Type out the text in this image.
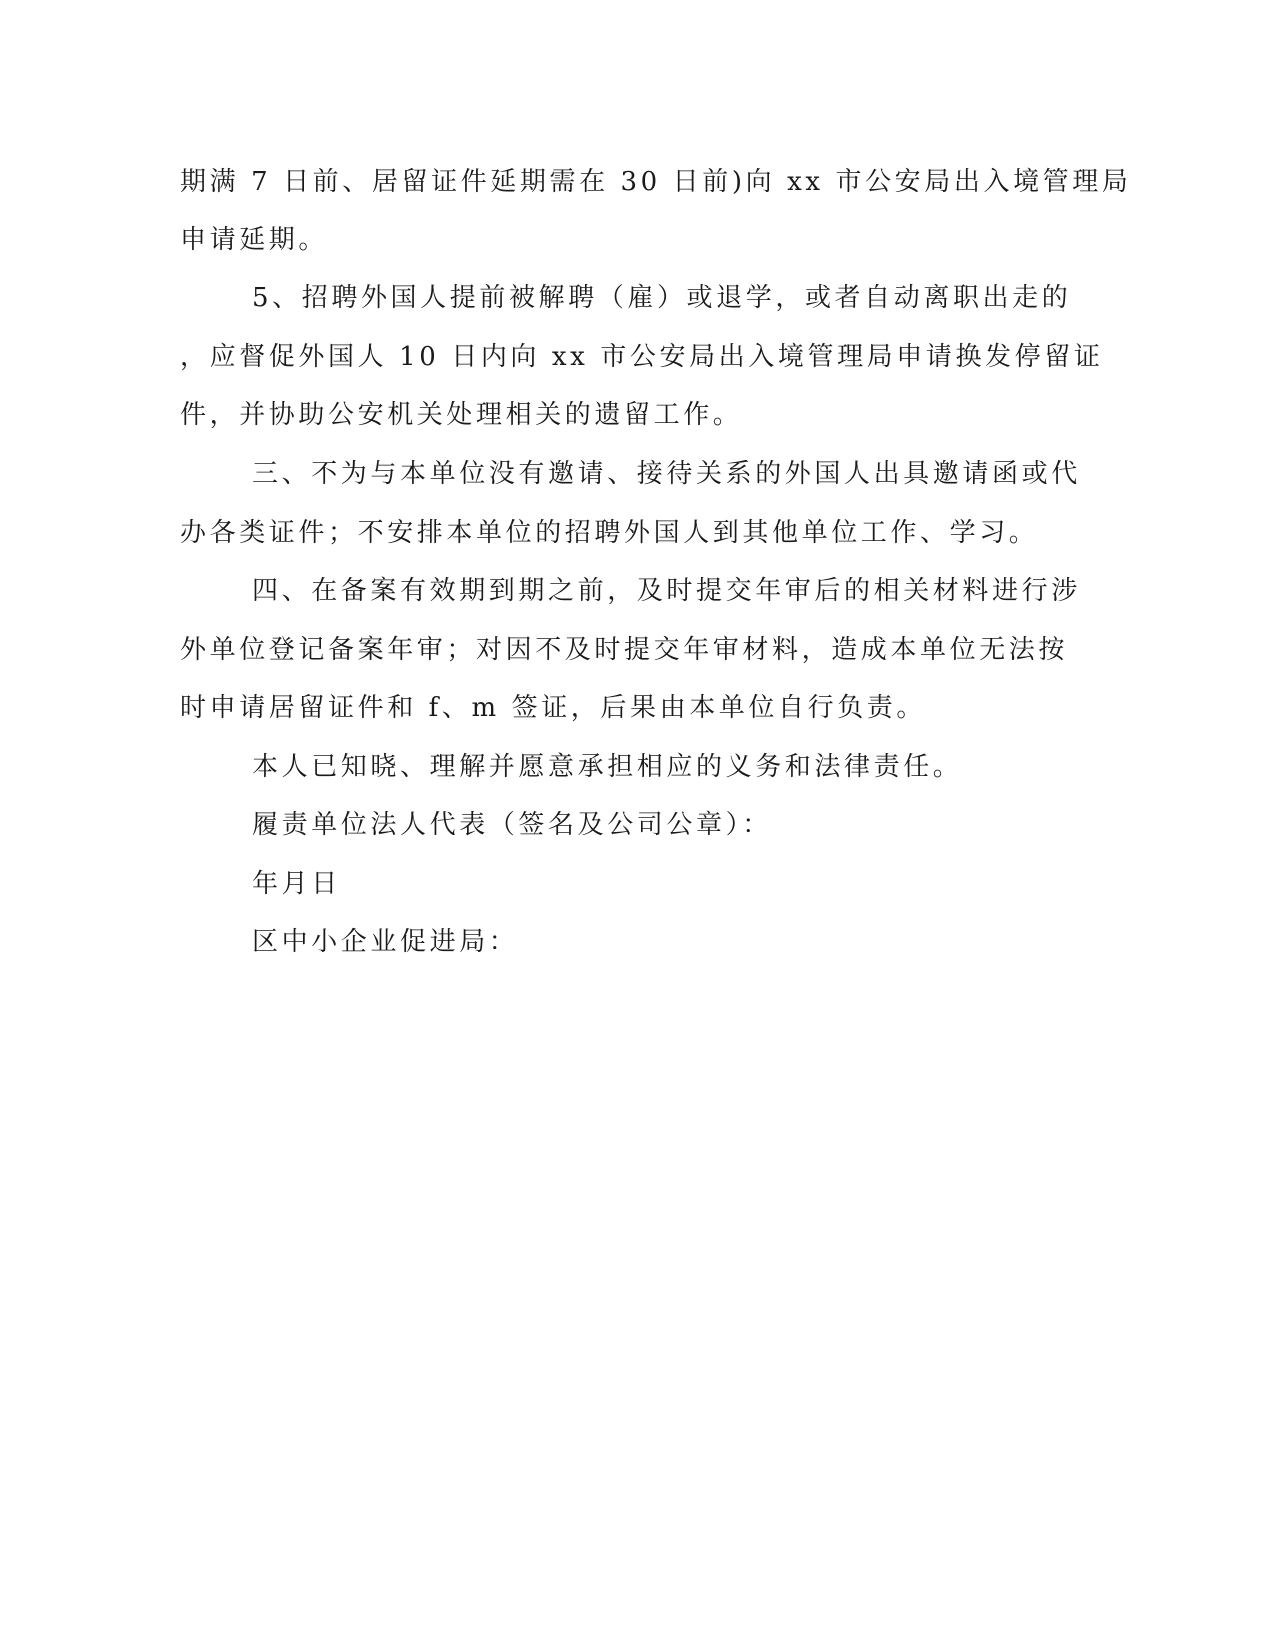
期满 7 日前、居留证件延期需在 30 日前)向 xx 市公安局出入境管理局
申请延期。
5、招聘外国人提前被解聘（雇）或退学，或者自动离职出走的
，应督促外国人 10 日内向 xx 市公安局出入境管理局申请换发停留证
件，并协助公安机关处理相关的遗留工作。
三、不为与本单位没有邀请、接待关系的外国人出具邀请函或代
办各类证件；不安排本单位的招聘外国人到其他单位工作、学习。
四、在备案有效期到期之前，及时提交年审后的相关材料进行涉
外单位登记备案年审；对因不及时提交年审材料，造成本单位无法按
时申请居留证件和 f、m 签证，后果由本单位自行负责。
本人已知晓、理解并愿意承担相应的义务和法律责任。
履责单位法人代表（签名及公司公章）：
年月日
区中小企业促进局：
